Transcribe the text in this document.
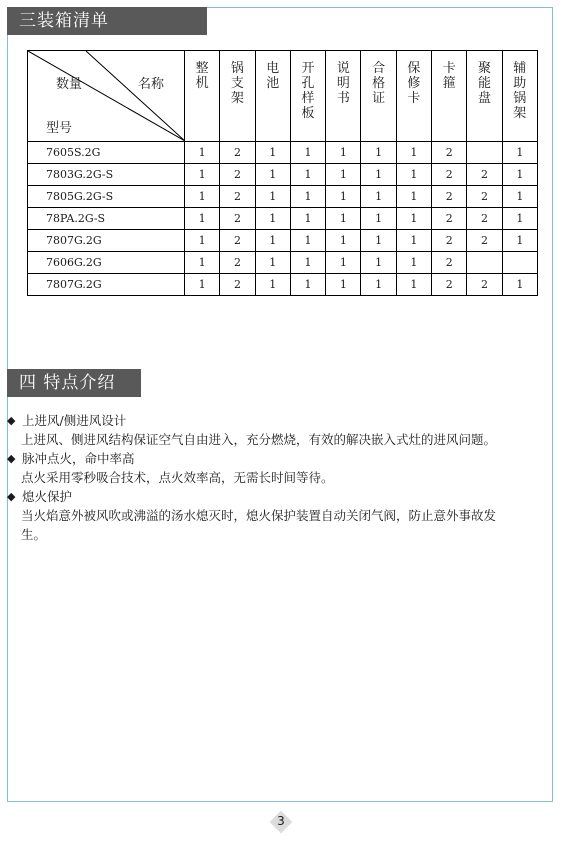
三装箱清单
数量 名称
型号	整机	锅支架	电池	开孔样板	说明书	合格证	保修卡	卡箍	聚能盘	辅助锅架
7605S.2G	1	2	1	1	1	1	1	2		1
7803G.2G-S	1	2	1	1	1	1	1	2	2	1
7805G.2G-S	1	2	1	1	1	1	1	2	2	1
78PA.2G-S	1	2	1	1	1	1	1	2	2	1
7807G.2G	1	2	1	1	1	1	1	2	2	1
7606G.2G	1	2	1	1	1	1	1	2		
7807G.2G	1	2	1	1	1	1	1	2	2	1
四 特点介绍
◆ 上进风/侧进风设计
上进风、侧进风结构保证空气自由进入，充分燃烧，有效的解决嵌入式灶的进风问题。
◆ 脉冲点火，命中率高
点火采用零秒吸合技术，点火效率高，无需长时间等待。
◆ 熄火保护
当火焰意外被风吹或沸溢的汤水熄灭时，熄火保护装置自动关闭气阀，防止意外事故发生。
3
